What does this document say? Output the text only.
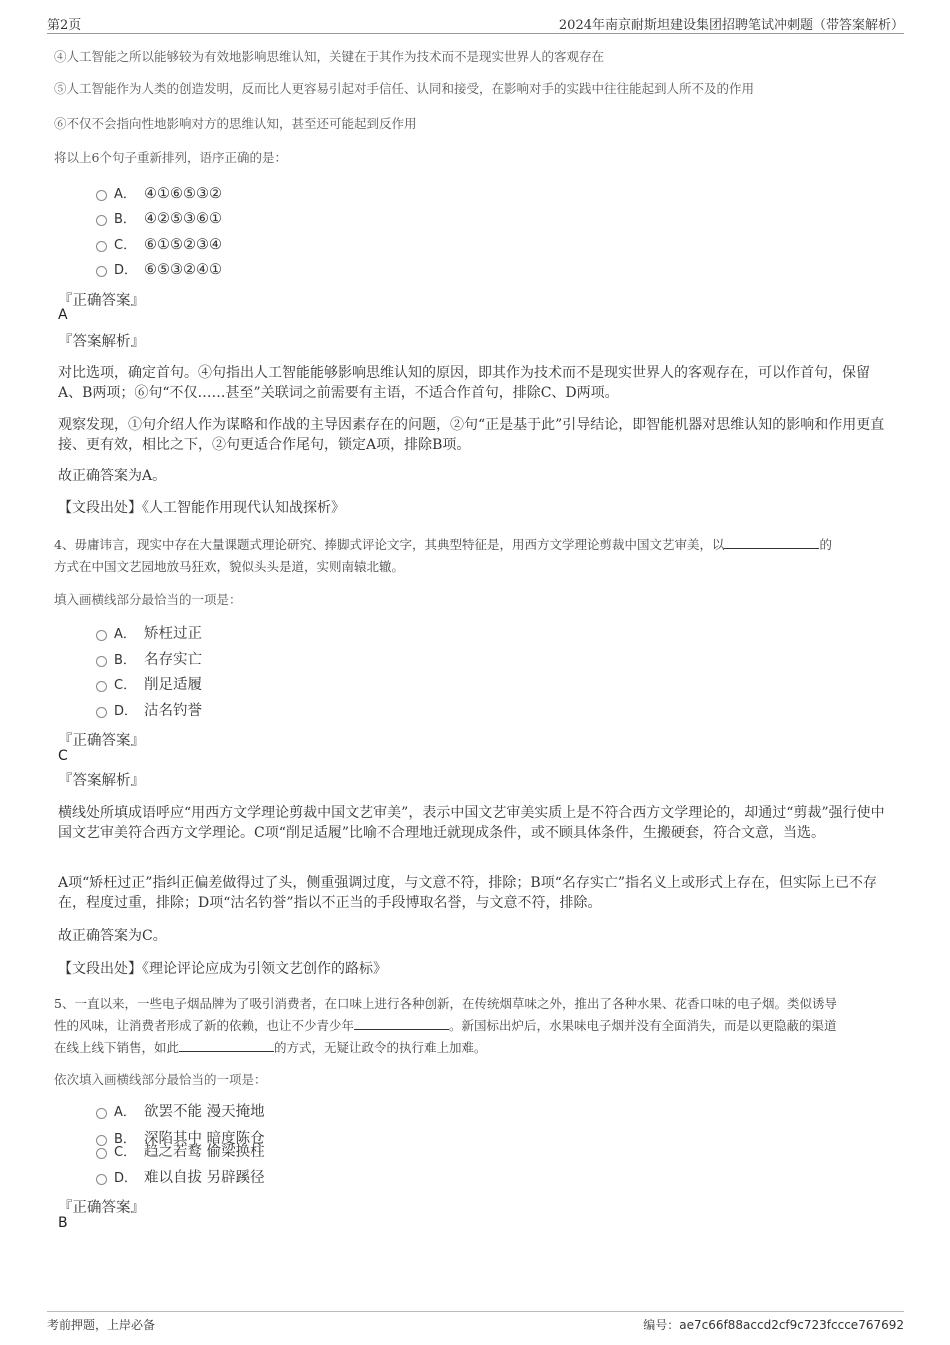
第2页	2024年南京耐斯坦建设集团招聘笔试冲刺题（带答案解析）
④人工智能之所以能够较为有效地影响思维认知，关键在于其作为技术而不是现实世界人的客观存在
⑤人工智能作为人类的创造发明，反而比人更容易引起对手信任、认同和接受，在影响对手的实践中往往能起到人所不及的作用
⑥不仅不会指向性地影响对方的思维认知，甚至还可能起到反作用
将以上6个句子重新排列，语序正确的是：
A． ④①⑥⑤③②
B． ④②⑤③⑥①
C． ⑥①⑤②③④
D． ⑥⑤③②④①
『正确答案』
A
『答案解析』
对比选项，确定首句。④句指出人工智能能够影响思维认知的原因，即其作为技术而不是现实世界人的客观存在，可以作首句，保留A、B两项；⑥句“不仅……甚至”关联词之前需要有主语，不适合作首句，排除C、D两项。
观察发现，①句介绍人作为谋略和作战的主导因素存在的问题，②句“正是基于此”引导结论，即智能机器对思维认知的影响和作用更直接、更有效，相比之下，②句更适合作尾句，锁定A项，排除B项。
故正确答案为A。
【文段出处】《人工智能作用现代认知战探析》
4、毋庸讳言，现实中存在大量课题式理论研究、捧脚式评论文字，其典型特征是，用西方文学理论剪裁中国文艺审美，以	的
方式在中国文艺园地放马狂欢，貌似头头是道，实则南辕北辙。
填入画横线部分最恰当的一项是：
A． 矫枉过正
B． 名存实亡
C． 削足适履
D． 沽名钓誉
『正确答案』
C
『答案解析』
横线处所填成语呼应“用西方文学理论剪裁中国文艺审美”，表示中国文艺审美实质上是不符合西方文学理论的，却通过“剪裁”强行使中国文艺审美符合西方文学理论。C项“削足适履”比喻不合理地迁就现成条件，或不顾具体条件，生搬硬套，符合文意，当选。
A项“矫枉过正”指纠正偏差做得过了头，侧重强调过度，与文意不符，排除；B项“名存实亡”指名义上或形式上存在，但实际上已不存在，程度过重，排除；D项“沽名钓誉”指以不正当的手段博取名誉，与文意不符，排除。
故正确答案为C。
【文段出处】《理论评论应成为引领文艺创作的路标》
5、一直以来，一些电子烟品牌为了吸引消费者，在口味上进行各种创新，在传统烟草味之外，推出了各种水果、花香口味的电子烟。类似诱导
性的风味，让消费者形成了新的依赖，也让不少青少年	。新国标出炉后，水果味电子烟并没有全面消失，而是以更隐蔽的渠道
在线上线下销售，如此	的方式，无疑让政令的执行难上加难。
依次填入画横线部分最恰当的一项是：
A． 欲罢不能 漫天掩地
B． 深陷其中 暗度陈仓
C． 趋之若鹜 偷梁换柱
D． 难以自拔 另辟蹊径
『正确答案』
B
考前押题，上岸必备	编号：ae7c66f88accd2cf9c723fccce767692
